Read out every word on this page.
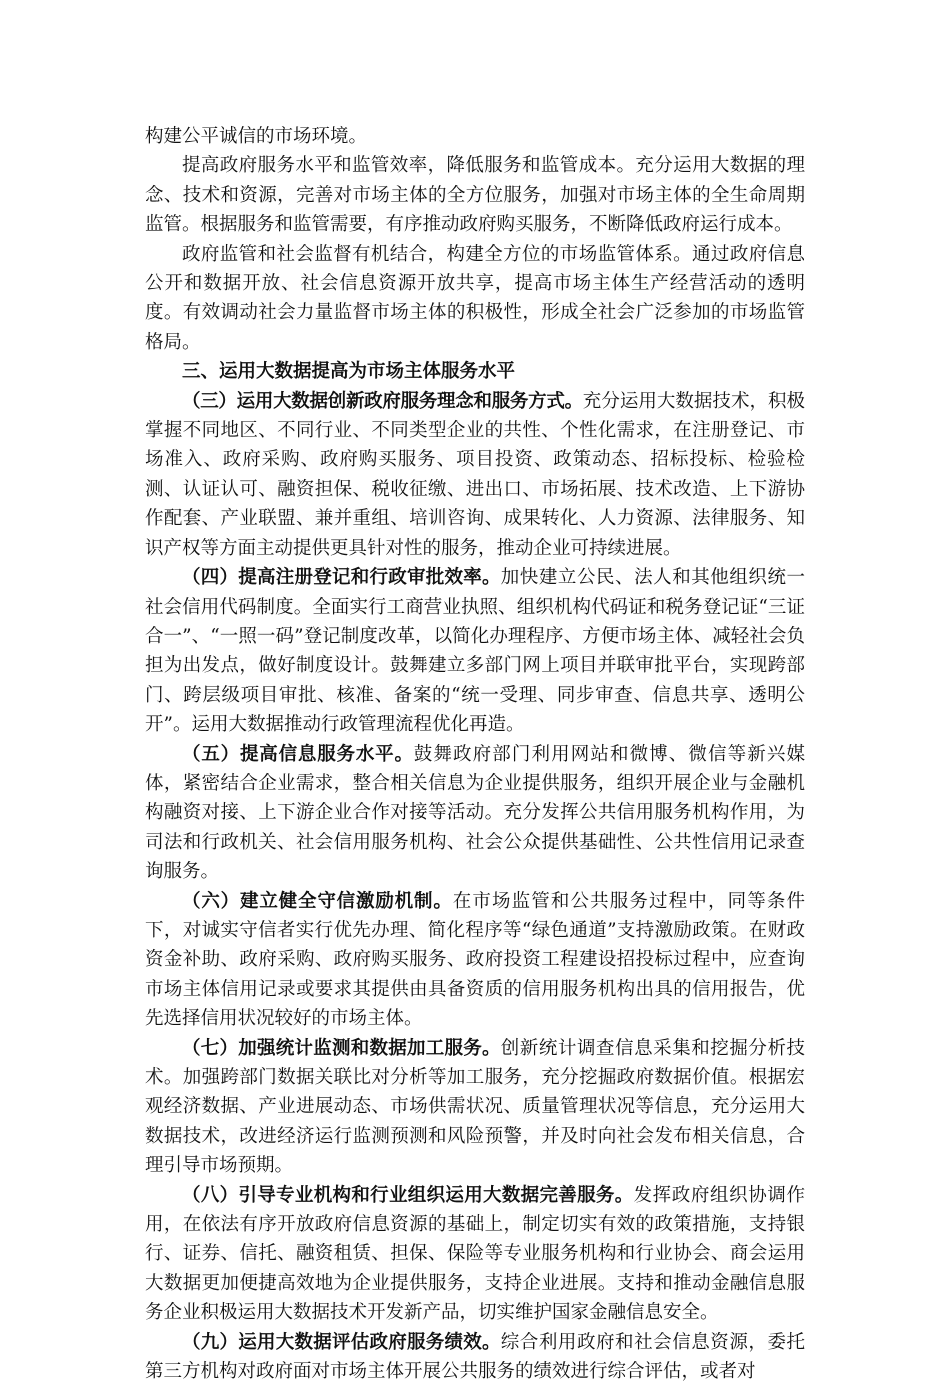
构建公平诚信的市场环境。

提高政府服务水平和监管效率，降低服务和监管成本。充分运用大数据的理念、技术和资源，完善对市场主体的全方位服务，加强对市场主体的全生命周期监管。根据服务和监管需要，有序推动政府购买服务，不断降低政府运行成本。

政府监管和社会监督有机结合，构建全方位的市场监管体系。通过政府信息公开和数据开放、社会信息资源开放共享，提高市场主体生产经营活动的透明度。有效调动社会力量监督市场主体的积极性，形成全社会广泛参加的市场监管格局。

三、运用大数据提高为市场主体服务水平

（三）运用大数据创新政府服务理念和服务方式。充分运用大数据技术，积极掌握不同地区、不同行业、不同类型企业的共性、个性化需求，在注册登记、市场准入、政府采购、政府购买服务、项目投资、政策动态、招标投标、检验检测、认证认可、融资担保、税收征缴、进出口、市场拓展、技术改造、上下游协作配套、产业联盟、兼并重组、培训咨询、成果转化、人力资源、法律服务、知识产权等方面主动提供更具针对性的服务，推动企业可持续进展。

（四）提高注册登记和行政审批效率。加快建立公民、法人和其他组织统一社会信用代码制度。全面实行工商营业执照、组织机构代码证和税务登记证“三证合一”、“一照一码”登记制度改革，以简化办理程序、方便市场主体、减轻社会负担为出发点，做好制度设计。鼓舞建立多部门网上项目并联审批平台，实现跨部门、跨层级项目审批、核准、备案的“统一受理、同步审查、信息共享、透明公开”。运用大数据推动行政管理流程优化再造。

（五）提高信息服务水平。鼓舞政府部门利用网站和微博、微信等新兴媒体，紧密结合企业需求，整合相关信息为企业提供服务，组织开展企业与金融机构融资对接、上下游企业合作对接等活动。充分发挥公共信用服务机构作用，为司法和行政机关、社会信用服务机构、社会公众提供基础性、公共性信用记录查询服务。

（六）建立健全守信激励机制。在市场监管和公共服务过程中，同等条件下，对诚实守信者实行优先办理、简化程序等“绿色通道”支持激励政策。在财政资金补助、政府采购、政府购买服务、政府投资工程建设招投标过程中，应查询市场主体信用记录或要求其提供由具备资质的信用服务机构出具的信用报告，优先选择信用状况较好的市场主体。

（七）加强统计监测和数据加工服务。创新统计调查信息采集和挖掘分析技术。加强跨部门数据关联比对分析等加工服务，充分挖掘政府数据价值。根据宏观经济数据、产业进展动态、市场供需状况、质量管理状况等信息，充分运用大数据技术，改进经济运行监测预测和风险预警，并及时向社会发布相关信息，合理引导市场预期。

（八）引导专业机构和行业组织运用大数据完善服务。发挥政府组织协调作用，在依法有序开放政府信息资源的基础上，制定切实有效的政策措施，支持银行、证券、信托、融资租赁、担保、保险等专业服务机构和行业协会、商会运用大数据更加便捷高效地为企业提供服务，支持企业进展。支持和推动金融信息服务企业积极运用大数据技术开发新产品，切实维护国家金融信息安全。

（九）运用大数据评估政府服务绩效。综合利用政府和社会信息资源，委托第三方机构对政府面对市场主体开展公共服务的绩效进行综合评估，或者对
